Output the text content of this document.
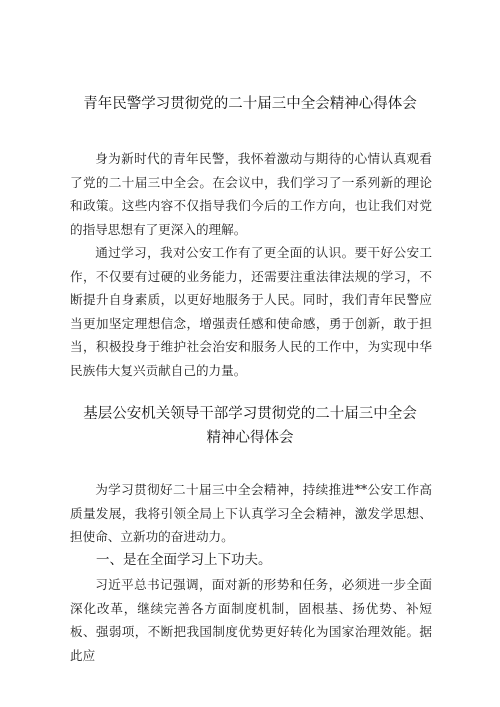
青年民警学习贯彻党的二十届三中全会精神心得体会

身为新时代的青年民警，我怀着激动与期待的心情认真观看了党的二十届三中全会。在会议中，我们学习了一系列新的理论和政策。这些内容不仅指导我们今后的工作方向，也让我们对党的指导思想有了更深入的理解。

通过学习，我对公安工作有了更全面的认识。要干好公安工作，不仅要有过硬的业务能力，还需要注重法律法规的学习，不断提升自身素质，以更好地服务于人民。同时，我们青年民警应当更加坚定理想信念，增强责任感和使命感，勇于创新，敢于担当，积极投身于维护社会治安和服务人民的工作中，为实现中华民族伟大复兴贡献自己的力量。

基层公安机关领导干部学习贯彻党的二十届三中全会
精神心得体会

为学习贯彻好二十届三中全会精神，持续推进**公安工作高质量发展，我将引领全局上下认真学习全会精神，激发学思想、担使命、立新功的奋进动力。

一、是在全面学习上下功夫。

习近平总书记强调，面对新的形势和任务，必须进一步全面深化改革，继续完善各方面制度机制，固根基、扬优势、补短板、强弱项，不断把我国制度优势更好转化为国家治理效能。据此应
